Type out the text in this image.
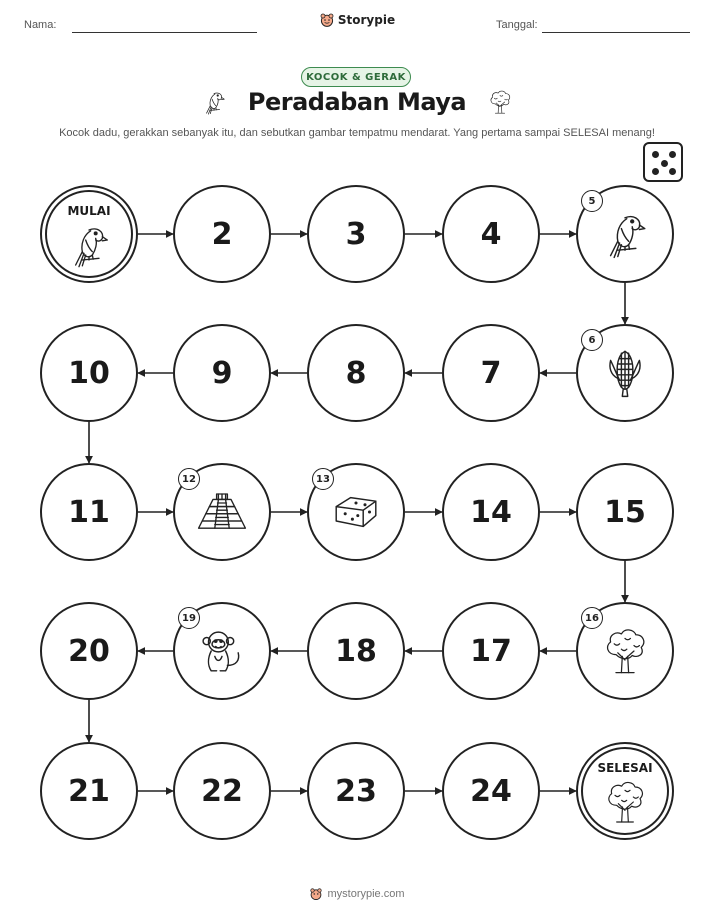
Nama:	Tanggal:
Storypie
KOCOK & GERAK
Peradaban Maya
Kocok dadu, gerakkan sebanyak itu, dan sebutkan gambar tempatmu mendarat. Yang pertama sampai SELESAI menang!
MULAI
2	3	4
5
6
7
8
9
10
11
12	13
14	15
16
17
18
19
20
21	22	23	24
SELESAI
mystorypie.com
